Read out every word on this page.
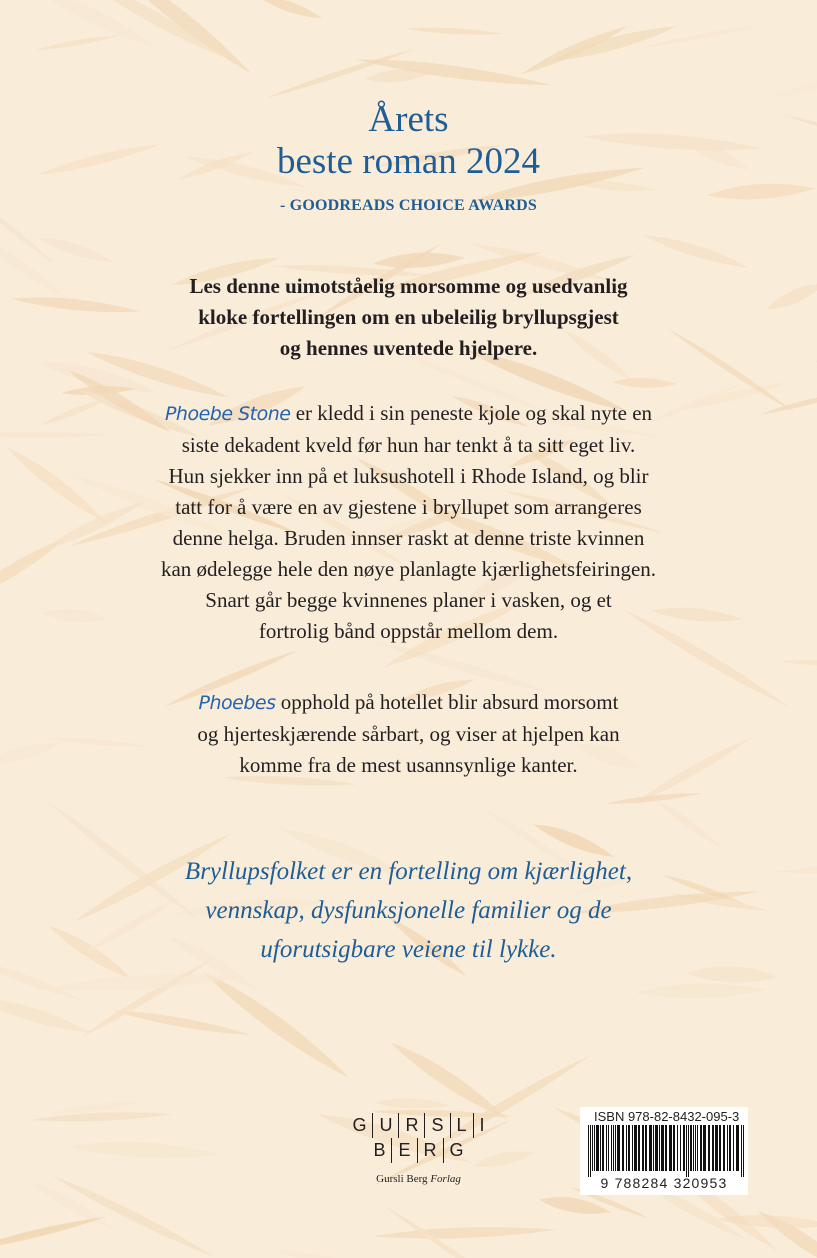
Årets
beste roman 2024
- GOODREADS CHOICE AWARDS
Les denne uimotståelig morsomme og usedvanlig
kloke fortellingen om en ubeleilig bryllupsgjest
og hennes uventede hjelpere.
Phoebe Stone er kledd i sin peneste kjole og skal nyte en
siste dekadent kveld før hun har tenkt å ta sitt eget liv.
Hun sjekker inn på et luksushotell i Rhode Island, og blir
tatt for å være en av gjestene i bryllupet som arrangeres
denne helga. Bruden innser raskt at denne triste kvinnen
kan ødelegge hele den nøye planlagte kjærlighetsfeiringen.
Snart går begge kvinnenes planer i vasken, og et
fortrolig bånd oppstår mellom dem.
Phoebes opphold på hotellet blir absurd morsomt
og hjerteskjærende sårbart, og viser at hjelpen kan
komme fra de mest usannsynlige kanter.
Bryllupsfolket er en fortelling om kjærlighet,
vennskap, dysfunksjonelle familier og de
uforutsigbare veiene til lykke.
G U R S L I
B E R G
Gursli Berg Forlag
ISBN 978-82-8432-095-3
9 788284 320953
